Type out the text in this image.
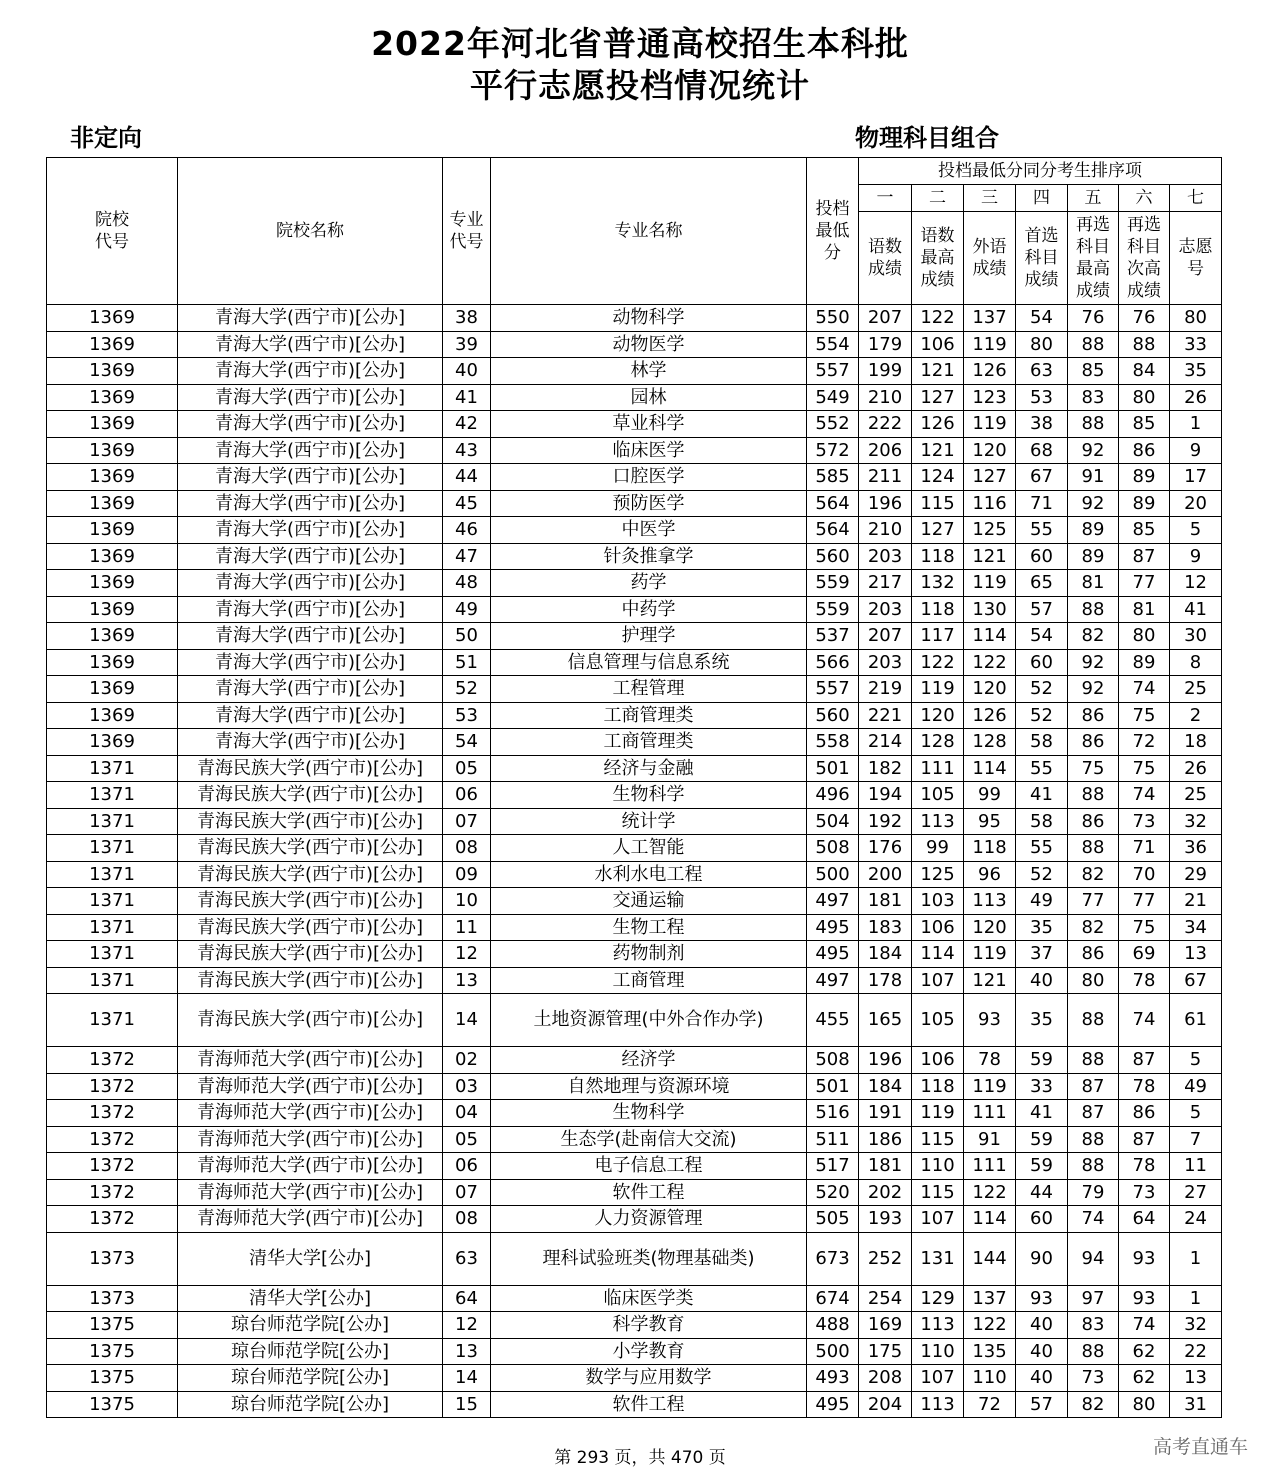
2022年河北省普通高校招生本科批
平行志愿投档情况统计
非定向	物理科目组合
院校代号	院校名称	专业代号	专业名称	投档最低分	投档最低分同分考生排序项						
					一	二	三	四	五	六	七

					语数成绩	语数最高成绩	外语成绩	首选科目成绩	再选科目最高成绩	再选科目次高成绩	志愿号

1369	青海大学(西宁市)[公办]	38	动物科学	550	207	122	137	54	76	76	80
1369	青海大学(西宁市)[公办]	39	动物医学	554	179	106	119	80	88	88	33
1369	青海大学(西宁市)[公办]	40	林学	557	199	121	126	63	85	84	35
1369	青海大学(西宁市)[公办]	41	园林	549	210	127	123	53	83	80	26
1369	青海大学(西宁市)[公办]	42	草业科学	552	222	126	119	38	88	85	1
1369	青海大学(西宁市)[公办]	43	临床医学	572	206	121	120	68	92	86	9
1369	青海大学(西宁市)[公办]	44	口腔医学	585	211	124	127	67	91	89	17
1369	青海大学(西宁市)[公办]	45	预防医学	564	196	115	116	71	92	89	20
1369	青海大学(西宁市)[公办]	46	中医学	564	210	127	125	55	89	85	5
1369	青海大学(西宁市)[公办]	47	针灸推拿学	560	203	118	121	60	89	87	9
1369	青海大学(西宁市)[公办]	48	药学	559	217	132	119	65	81	77	12
1369	青海大学(西宁市)[公办]	49	中药学	559	203	118	130	57	88	81	41
1369	青海大学(西宁市)[公办]	50	护理学	537	207	117	114	54	82	80	30
1369	青海大学(西宁市)[公办]	51	信息管理与信息系统	566	203	122	122	60	92	89	8
1369	青海大学(西宁市)[公办]	52	工程管理	557	219	119	120	52	92	74	25
1369	青海大学(西宁市)[公办]	53	工商管理类	560	221	120	126	52	86	75	2
1369	青海大学(西宁市)[公办]	54	工商管理类	558	214	128	128	58	86	72	18
1371	青海民族大学(西宁市)[公办]	05	经济与金融	501	182	111	114	55	75	75	26
1371	青海民族大学(西宁市)[公办]	06	生物科学	496	194	105	99	41	88	74	25
1371	青海民族大学(西宁市)[公办]	07	统计学	504	192	113	95	58	86	73	32
1371	青海民族大学(西宁市)[公办]	08	人工智能	508	176	99	118	55	88	71	36
1371	青海民族大学(西宁市)[公办]	09	水利水电工程	500	200	125	96	52	82	70	29
1371	青海民族大学(西宁市)[公办]	10	交通运输	497	181	103	113	49	77	77	21
1371	青海民族大学(西宁市)[公办]	11	生物工程	495	183	106	120	35	82	75	34
1371	青海民族大学(西宁市)[公办]	12	药物制剂	495	184	114	119	37	86	69	13
1371	青海民族大学(西宁市)[公办]	13	工商管理	497	178	107	121	40	80	78	67
1371	青海民族大学(西宁市)[公办]	14	土地资源管理(中外合作办学)	455	165	105	93	35	88	74	61
1372	青海师范大学(西宁市)[公办]	02	经济学	508	196	106	78	59	88	87	5
1372	青海师范大学(西宁市)[公办]	03	自然地理与资源环境	501	184	118	119	33	87	78	49
1372	青海师范大学(西宁市)[公办]	04	生物科学	516	191	119	111	41	87	86	5
1372	青海师范大学(西宁市)[公办]	05	生态学(赴南信大交流)	511	186	115	91	59	88	87	7
1372	青海师范大学(西宁市)[公办]	06	电子信息工程	517	181	110	111	59	88	78	11
1372	青海师范大学(西宁市)[公办]	07	软件工程	520	202	115	122	44	79	73	27
1372	青海师范大学(西宁市)[公办]	08	人力资源管理	505	193	107	114	60	74	64	24
1373	清华大学[公办]	63	理科试验班类(物理基础类)	673	252	131	144	90	94	93	1
1373	清华大学[公办]	64	临床医学类	674	254	129	137	93	97	93	1
1375	琼台师范学院[公办]	12	科学教育	488	169	113	122	40	83	74	32
1375	琼台师范学院[公办]	13	小学教育	500	175	110	135	40	88	62	22
1375	琼台师范学院[公办]	14	数学与应用数学	493	208	107	110	40	73	62	13
1375	琼台师范学院[公办]	15	软件工程	495	204	113	72	57	82	80	31
第 293 页，共 470 页	高考直通车
